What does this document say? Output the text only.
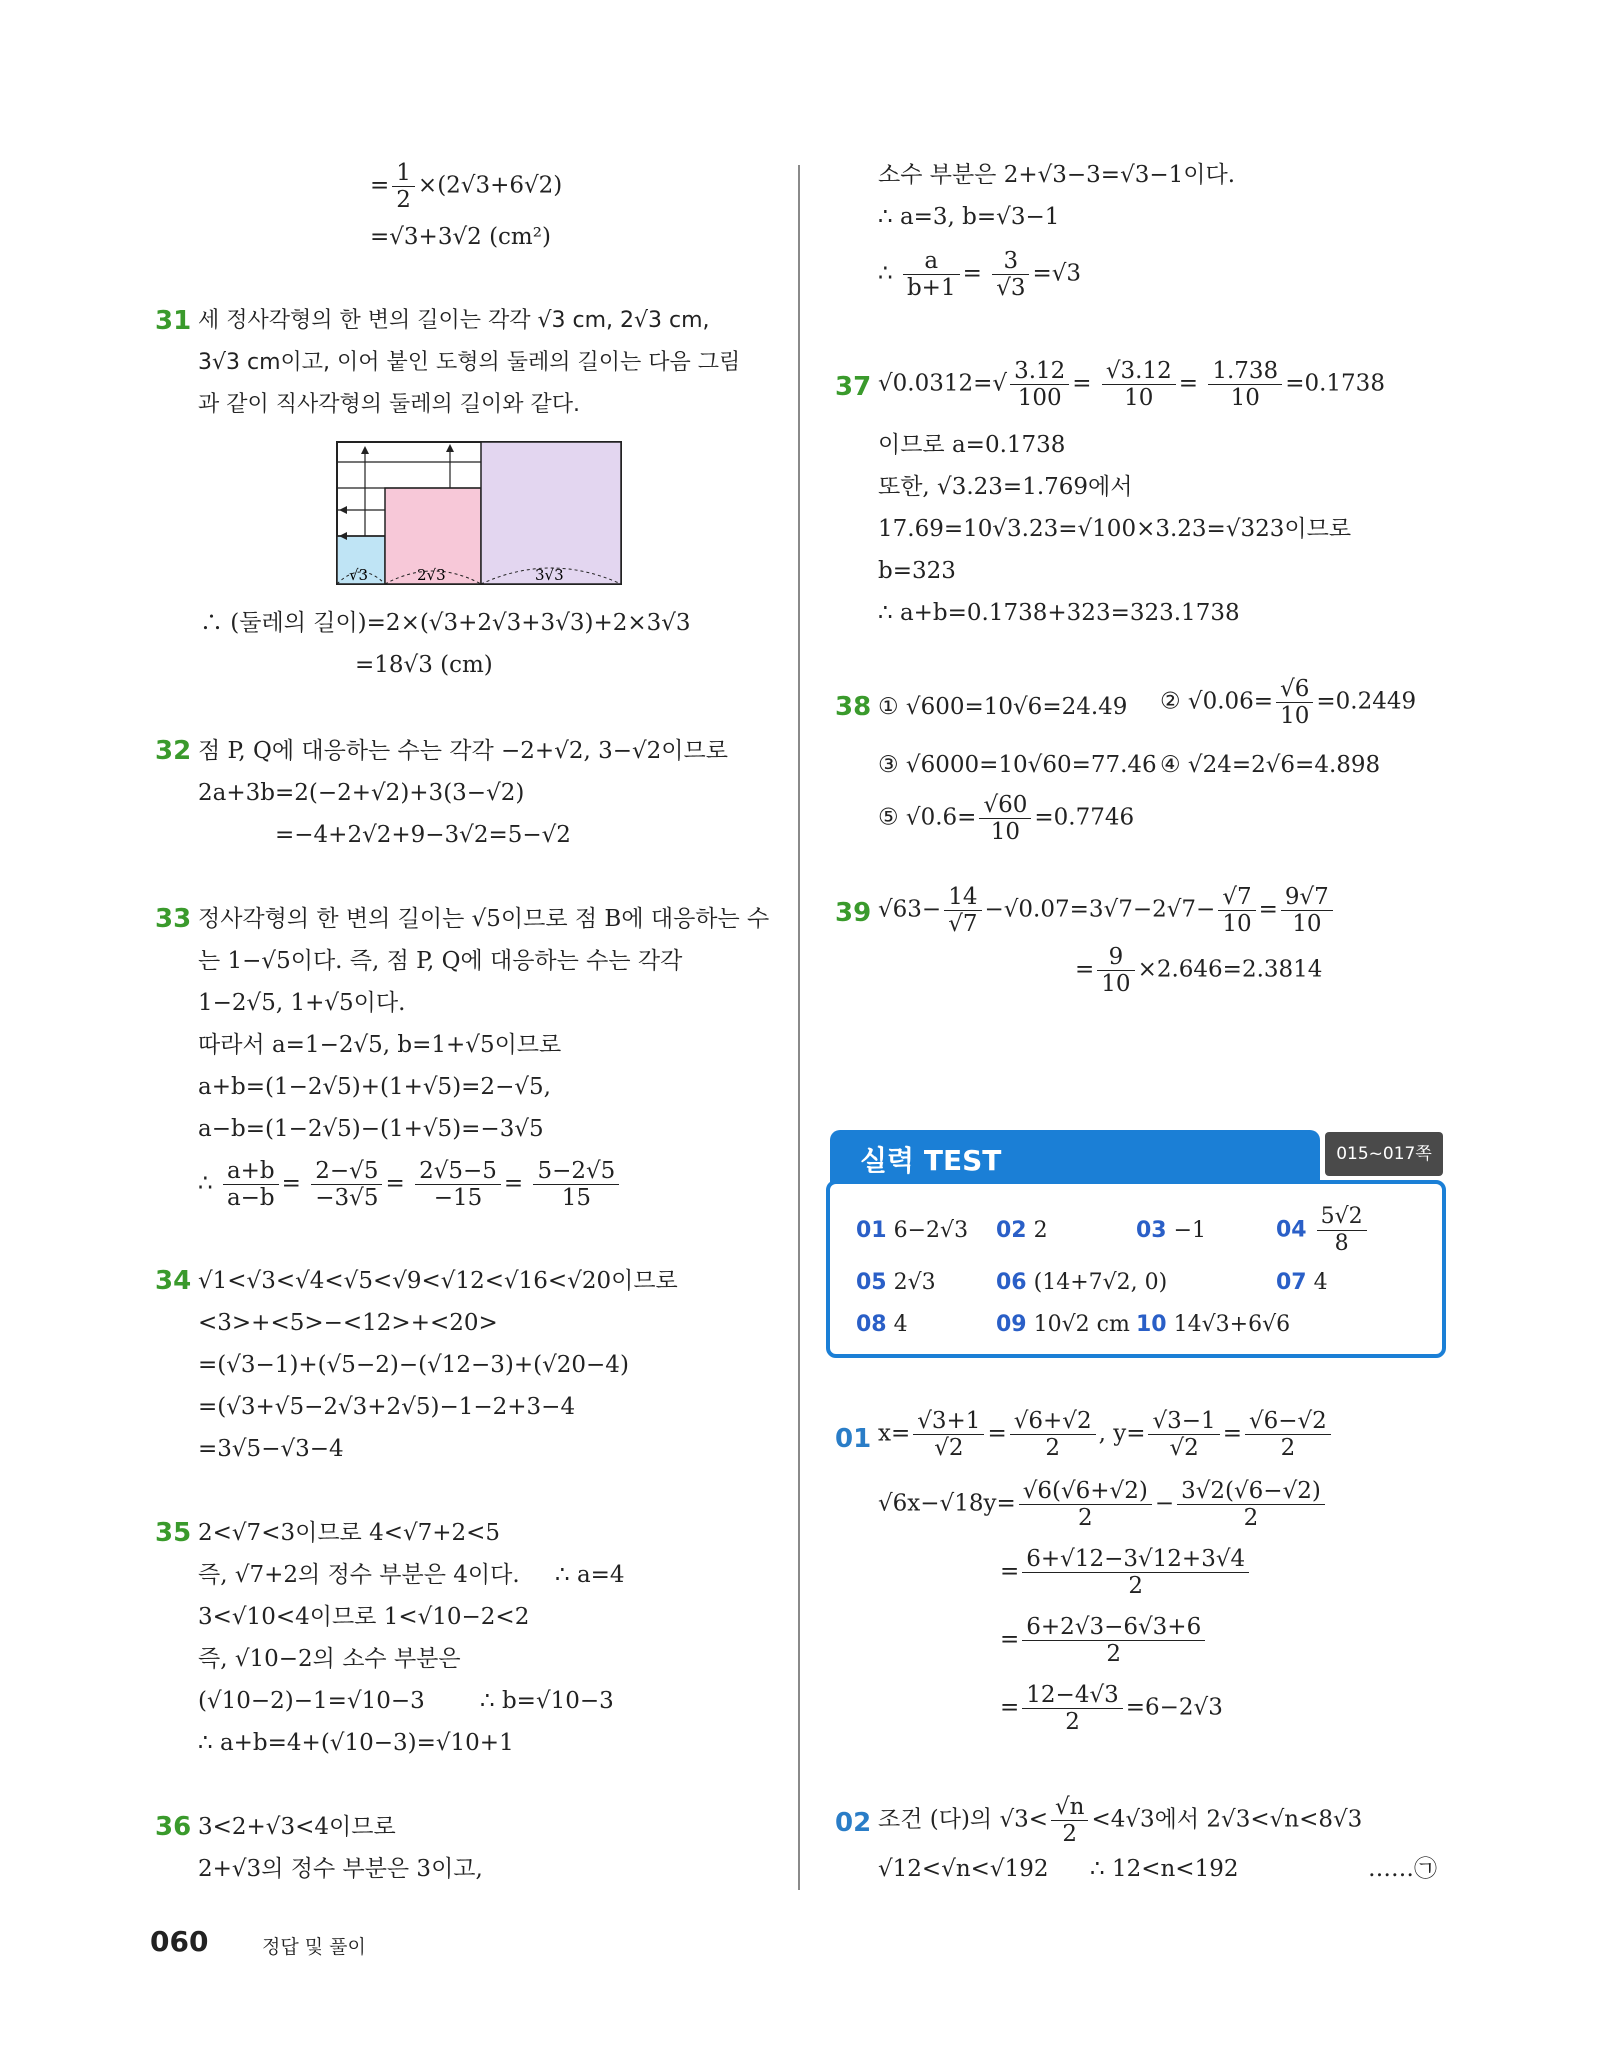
= $\frac{1}{2} \times(2√3+6√2)$
=√3+3√2 (cm²)
31 세 정사각형의 한 변의 길이는 각각 √3 cm, 2√3 cm,
3√3 cm이고, 이어 붙인 도형의 둘레의 길이는 다음 그림
과 같이 직사각형의 둘레의 길이와 같다.
√3	2√3	3√3
∴ (둘레의 길이)=2×(√3+2√3+3√3)+2×3√3
=18√3 (cm)
32 점 P, Q에 대응하는 수는 각각 −2+√2, 3−√2이므로
2a+3b=2(−2+√2)+3(3−√2)
=−4+2√2+9−3√2=5−√2
33 정사각형의 한 변의 길이는 √5이므로 점 B에 대응하는 수
는 1−√5이다. 즉, 점 P, Q에 대응하는 수는 각각
1−2√5, 1+√5이다.
따라서 a=1−2√5, b=1+√5이므로
a+b=(1−2√5)+(1+√5)=2−√5,
a−b=(1−2√5)−(1+√5)=−3√5
∴ $\frac{a+b}{a-b} = \frac{2-√5}{-3√5} = \frac{2√5-5}{-15} = \frac{5-2√5}{15}$
34 √1<√3<√4<√5<√9<√12<√16<√20이므로
<3>+<5>−<12>+<20>
=(√3−1)+(√5−2)−(√12−3)+(√20−4)
=(√3+√5−2√3+2√5)−1−2+3−4
=3√5−√3−4
35 2<√7<3이므로 4<√7+2<5
즉, √7+2의 정수 부분은 4이다. ∴ a=4
3<√10<4이므로 1<√10−2<2
즉, √10−2의 소수 부분은
(√10−2)−1=√10−3 ∴ b=√10−3
∴ a+b=4+(√10−3)=√10+1
36 3<2+√3<4이므로
2+√3의 정수 부분은 3이고,
소수 부분은 2+√3−3=√3−1이다.
∴ a=3, b=√3−1
∴ $\frac{a}{b+1} = \frac{3}{√3} =√3$
37 $√0.0312=√ \frac{3.12}{100} = \frac{√3.12}{10} = \frac{1.738}{10} =0.1738$
이므로 a=0.1738
또한, √3.23=1.769에서
17.69=10√3.23=√100×3.23=√323이므로
b=323
∴ a+b=0.1738+323=323.1738
38 ① √600=10√6=24.49 ② $√0.06= \frac{√6}{10} =0.2449$
③ √6000=10√60=77.46 ④ √24=2√6=4.898
⑤ $√0.6= \frac{√60}{10} =0.7746$
39 $√63- \frac{14}{√7} -√0.07=3√7-2√7- \frac{√7}{10} = \frac{9√7}{10}$
= $\frac{9}{10} \times 2.646=2.3814$
실력 TEST	015~017쪽
01 6−2√3 02 2	03 −1	$04 \frac{5√2}{8}$
05 2√3	06 (14+7√2, 0)	07 4
08 4	09 10√2 cm 10 14√3+6√6
01 $x= \frac{√3+1}{√2} = \frac{√6+√2}{2}$ , $y= \frac{√3-1}{√2} = \frac{√6-√2}{2}$
$√6x-√18y= \frac{√6(√6+√2)}{2} - \frac{3√2(√6-√2)}{2}$
= $\frac{6+√12-3√12+3√4}{2}$
= $\frac{6+2√3-6√3+6}{2}$
= $\frac{12-4√3}{2} =6-2√3$
02 조건 (다)의 $√3< \frac{√n}{2} <4√3$에서 2√3<√n<8√3
√12<√n<√192 ∴ 12<n<192	……㉠
060	정답 및 풀이
